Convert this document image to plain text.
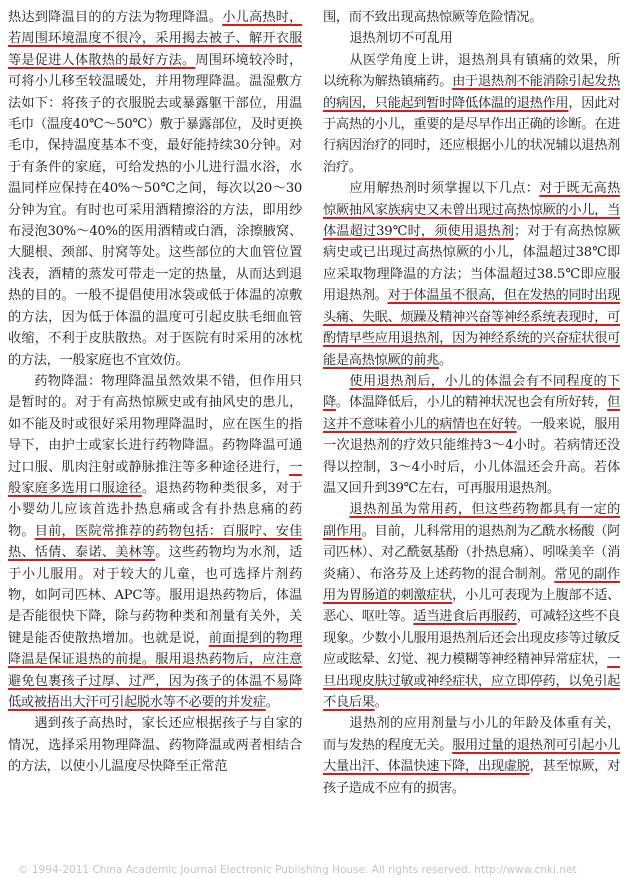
热达到降温目的的方法为物理降温。小儿高热时，若周围环境温度不很冷，采用揭去被子、解开衣服等是促进人体散热的最好方法。周围环境较冷时，可将小儿移至较温暖处，并用物理降温。温湿敷方法如下：将孩子的衣服脱去或暴露躯干部位，用温毛巾（温度40℃～50℃）敷于暴露部位，及时更换毛巾，保持温度基本不变，最好能持续30分钟。对于有条件的家庭，可给发热的小儿进行温水浴，水温同样应保持在40%～50℃之间，每次以20～30分钟为宜。有时也可采用酒精擦浴的方法，即用纱布浸泡30%～40%的医用酒精或白酒，涂擦腋窝、大腿根、颈部、肘窝等处。这些部位的大血管位置浅表，酒精的蒸发可带走一定的热量，从而达到退热的目的。一般不提倡使用冰袋或低于体温的凉敷的方法，因为低于体温的温度可引起皮肤毛细血管收缩，不利于皮肤散热。对于医院有时采用的冰枕的方法，一般家庭也不宜效仿。

药物降温：物理降温虽然效果不错，但作用只是暂时的。对于有高热惊厥史或有抽风史的患儿，如不能及时或很好采用物理降温时，应在医生的指导下，由护士或家长进行药物降温。药物降温可通过口服、肌肉注射或静脉推注等多种途径进行，一般家庭多选用口服途径。退热药物种类很多，对于小婴幼儿应该首选扑热息痛或含有扑热息痛的药物。目前，医院常推荐的药物包括：百服咛、安佳热、恬倩、泰诺、美林等。这些药物均为水剂，适于小儿服用。对于较大的儿童，也可选择片剂药物，如阿司匹林、APC等。服用退热药物后，体温是否能很快下降，除与药物种类和剂量有关外，关键是能否使散热增加。也就是说，前面提到的物理降温是保证退热的前提。服用退热药物后，应注意避免包裹孩子过厚、过严，因为孩子的体温不易降低或被捂出大汗可引起脱水等不必要的并发症。

遇到孩子高热时，家长还应根据孩子与自家的情况，选择采用物理降温、药物降温或两者相结合的方法，以使小儿温度尽快降至正常范

围，而不致出现高热惊厥等危险情况。

退热剂切不可乱用

从医学角度上讲，退热剂具有镇痛的效果，所以统称为解热镇痛药。由于退热剂不能消除引起发热的病因，只能起到暂时降低体温的退热作用，因此对于高热的小儿，重要的是尽早作出正确的诊断。在进行病因治疗的同时，还应根据小儿的状况辅以退热剂治疗。

应用解热剂时须掌握以下几点：对于既无高热惊厥抽风家族病史又未曾出现过高热惊厥的小儿，当体温超过39℃时，须使用退热剂；对于有高热惊厥病史或已出现过高热惊厥的小儿，体温超过38℃即应采取物理降温的方法；当体温超过38.5℃即应服用退热剂。对于体温虽不很高，但在发热的同时出现头痛、失眠、烦躁及精神兴奋等神经系统表现时，可酌情早些应用退热剂，因为神经系统的兴奋症状很可能是高热惊厥的前兆。

使用退热剂后，小儿的体温会有不同程度的下降。体温降低后，小儿的精神状况也会有所好转，但这并不意味着小儿的病情也在好转。一般来说，服用一次退热剂的疗效只能维持3～4小时。若病情还没得以控制，3～4小时后，小儿体温还会升高。若体温又回升到39℃左右，可再服用退热剂。

退热剂虽为常用药，但这些药物都具有一定的副作用。目前，儿科常用的退热剂为乙酰水杨酸（阿司匹林）、对乙酰氨基酚（扑热息痛）、吲哚美辛（消炎痛）、布洛芬及上述药物的混合制剂。常见的副作用为胃肠道的刺激症状，小儿可表现为上腹部不适、恶心、呕吐等。适当进食后再服药，可减轻这些不良现象。少数小儿服用退热剂后还会出现皮疹等过敏反应或眩晕、幻觉、视力模糊等神经精神异常症状，一旦出现皮肤过敏或神经症状，应立即停药，以免引起不良后果。

退热剂的应用剂量与小儿的年龄及体重有关，而与发热的程度无关。服用过量的退热剂可引起小儿大量出汗、体温快速下降，出现虚脱，甚至惊厥，对孩子造成不应有的损害。

© 1994-2011 China Academic Journal Electronic Publishing House. All rights reserved. http://www.cnki.net
